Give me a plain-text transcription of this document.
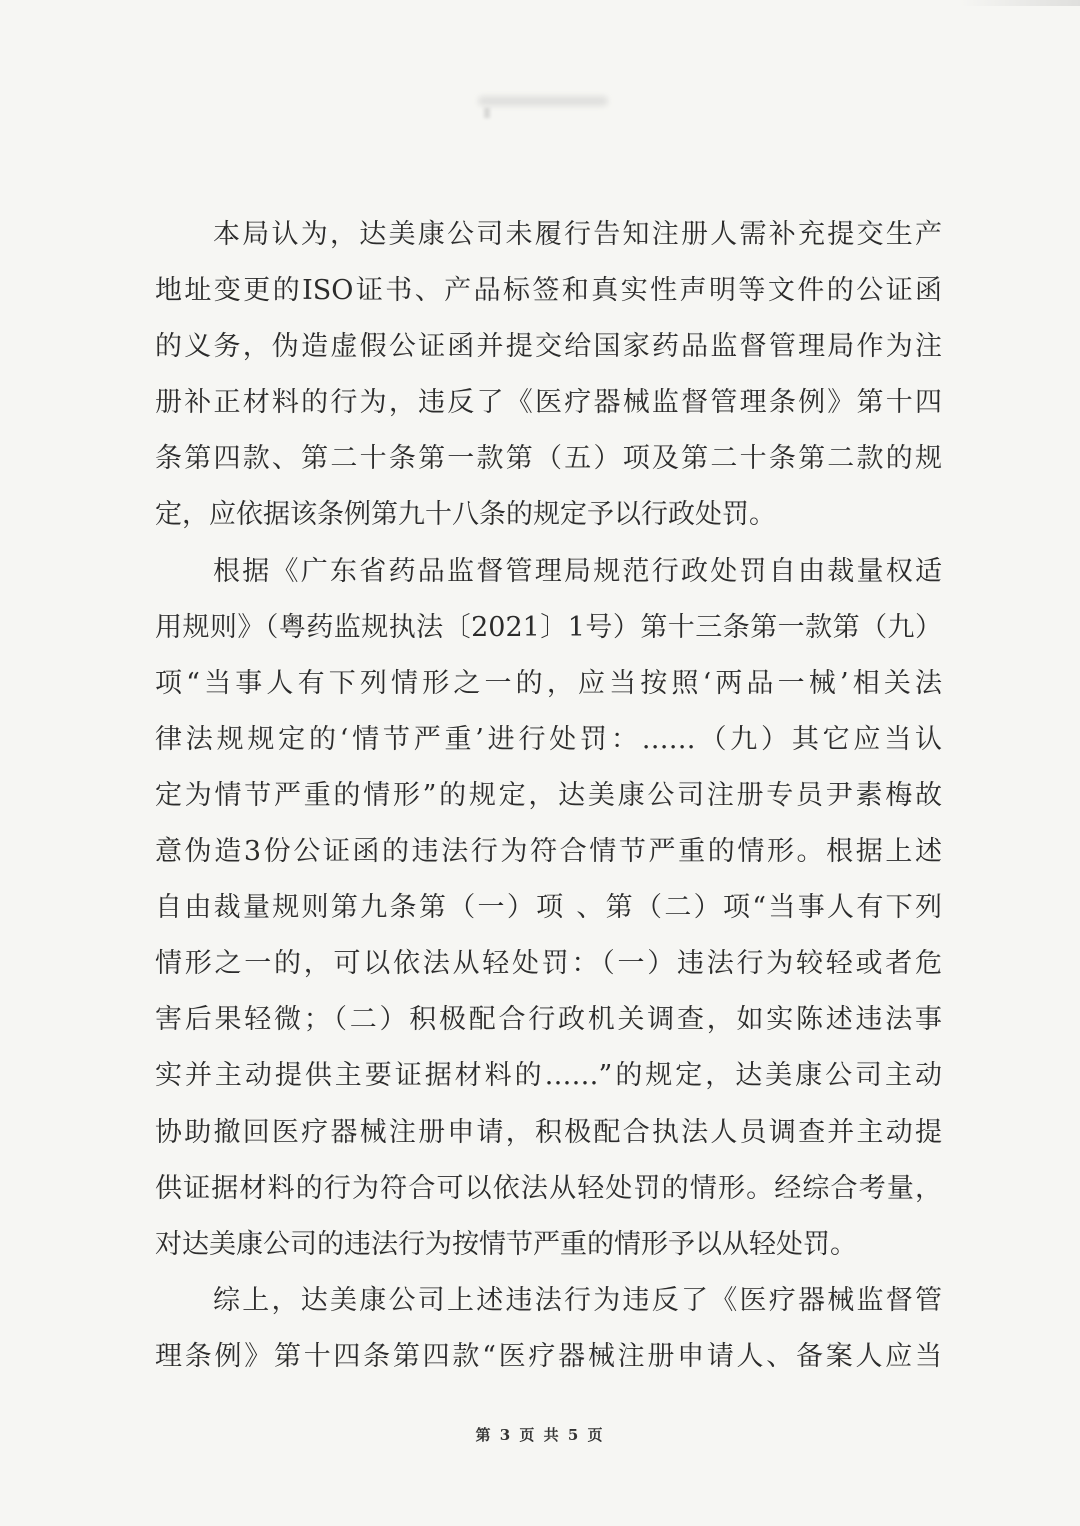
本局认为，达美康公司未履行告知注册人需补充提交生产
地址变更的ISO证书、产品标签和真实性声明等文件的公证函
的义务，伪造虚假公证函并提交给国家药品监督管理局作为注
册补正材料的行为，违反了《医疗器械监督管理条例》第十四
条第四款、第二十条第一款第（五）项及第二十条第二款的规
定，应依据该条例第九十八条的规定予以行政处罚。
根据《广东省药品监督管理局规范行政处罚自由裁量权适
用规则》（粤药监规执法〔2021〕1号）第十三条第一款第（九）
项“当事人有下列情形之一的，应当按照‘两品一械’相关法
律法规规定的‘情节严重’进行处罚：……（九）其它应当认
定为情节严重的情形”的规定，达美康公司注册专员尹素梅故
意伪造3份公证函的违法行为符合情节严重的情形。根据上述
自由裁量规则第九条第（一）项 、第（二）项“当事人有下列
情形之一的，可以依法从轻处罚：（一）违法行为较轻或者危
害后果轻微；（二）积极配合行政机关调查，如实陈述违法事
实并主动提供主要证据材料的……”的规定，达美康公司主动
协助撤回医疗器械注册申请，积极配合执法人员调查并主动提
供证据材料的行为符合可以依法从轻处罚的情形。经综合考量，
对达美康公司的违法行为按情节严重的情形予以从轻处罚。
综上，达美康公司上述违法行为违反了《医疗器械监督管
理条例》第十四条第四款“医疗器械注册申请人、备案人应当
第 3 页 共 5 页
